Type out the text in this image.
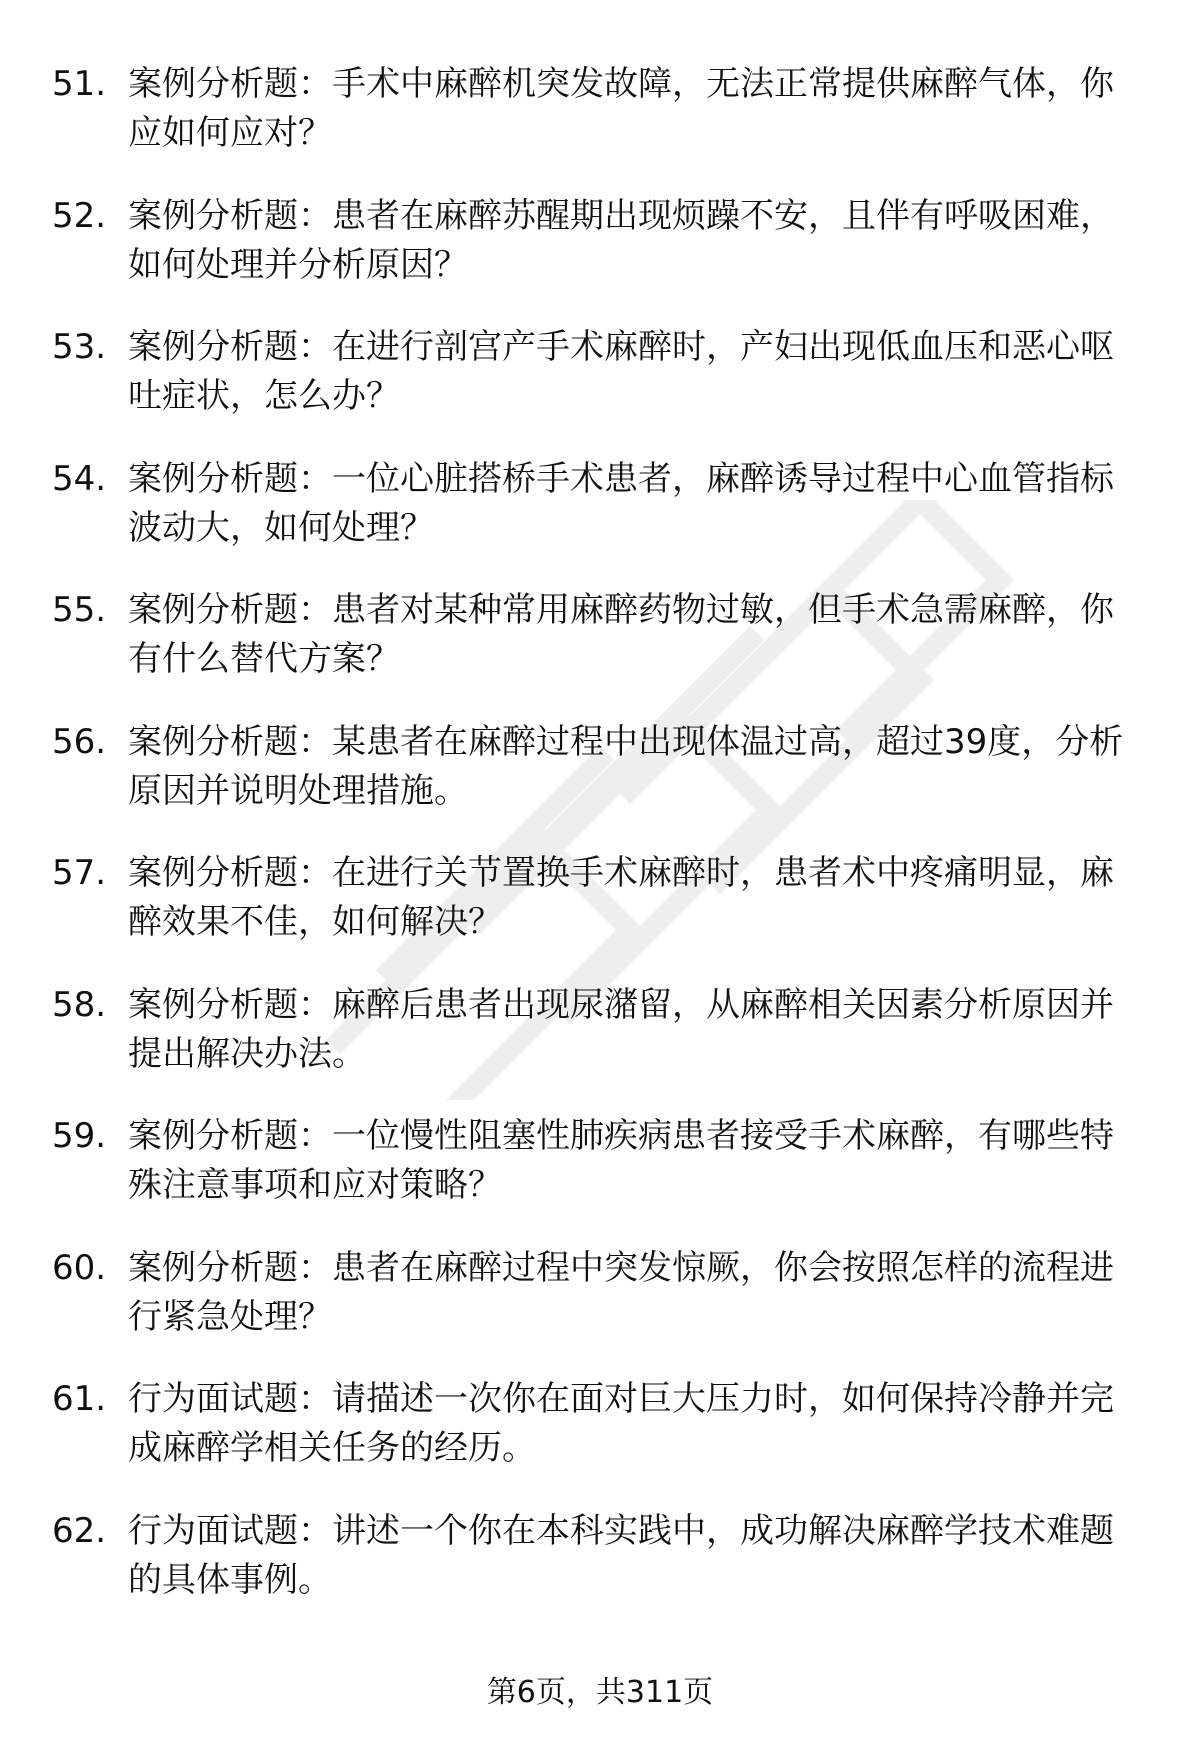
51. 案例分析题：手术中麻醉机突发故障，无法正常提供麻醉气体，你应如何应对？
52. 案例分析题：患者在麻醉苏醒期出现烦躁不安，且伴有呼吸困难，如何处理并分析原因？
53. 案例分析题：在进行剖宫产手术麻醉时，产妇出现低血压和恶心呕吐症状，怎么办？
54. 案例分析题：一位心脏搭桥手术患者，麻醉诱导过程中心血管指标波动大，如何处理？
55. 案例分析题：患者对某种常用麻醉药物过敏，但手术急需麻醉，你有什么替代方案？
56. 案例分析题：某患者在麻醉过程中出现体温过高，超过39度，分析原因并说明处理措施。
57. 案例分析题：在进行关节置换手术麻醉时，患者术中疼痛明显，麻醉效果不佳，如何解决？
58. 案例分析题：麻醉后患者出现尿潴留，从麻醉相关因素分析原因并提出解决办法。
59. 案例分析题：一位慢性阻塞性肺疾病患者接受手术麻醉，有哪些特殊注意事项和应对策略？
60. 案例分析题：患者在麻醉过程中突发惊厥，你会按照怎样的流程进行紧急处理？
61. 行为面试题：请描述一次你在面对巨大压力时，如何保持冷静并完成麻醉学相关任务的经历。
62. 行为面试题：讲述一个你在本科实践中，成功解决麻醉学技术难题的具体事例。
第6页，共311页
